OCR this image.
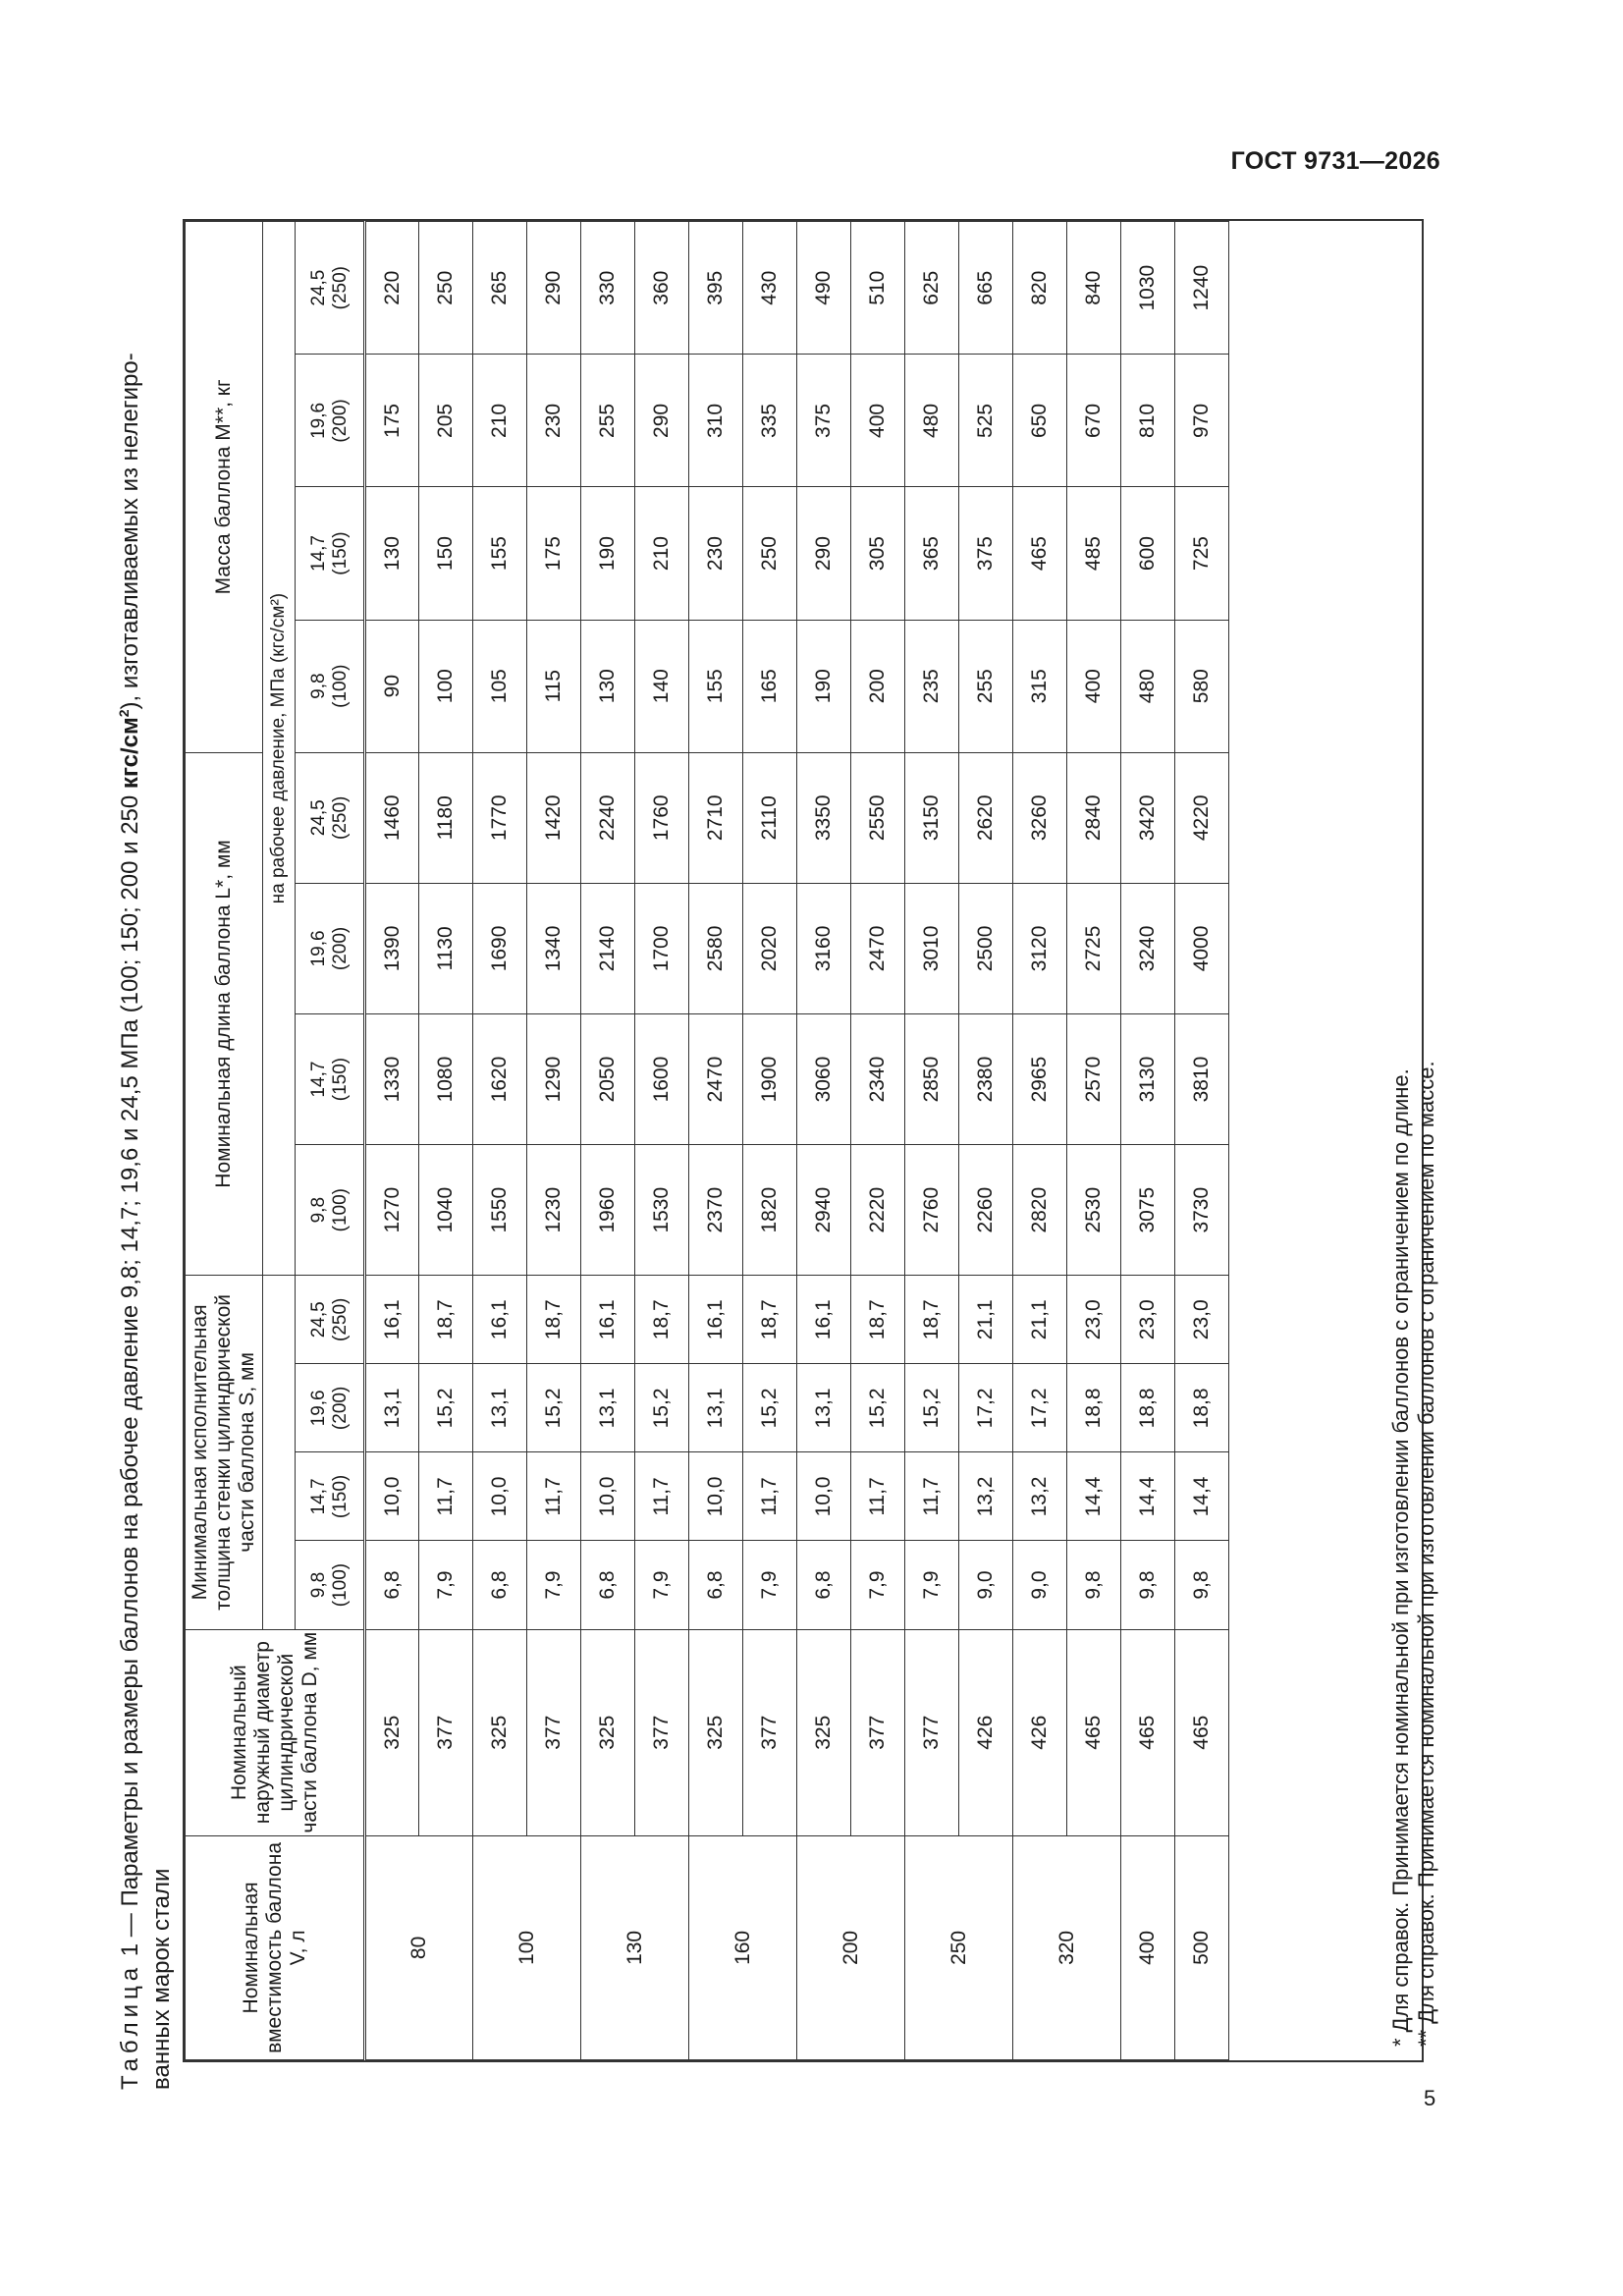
ГОСТ 9731—2026
Таблица 1 — Параметры и размеры баллонов на рабочее давление 9,8; 14,7; 19,6 и 24,5 МПа (100; 150; 200 и 250 кгс/$см^2$), изготавливаемых из нелегиро-
ванных марок стали	Номинальная вместимость баллона V, л	Номинальный наружный диаметр цилиндрической части баллона D, мм	Минимальная исполнительная толщина стенки цилиндрической части баллона S, мм				Номинальная длина баллона L*, мм				Масса баллона M**, кг			
						на рабочее давление, МПа (кгс/см²)							
		9,8
(100)	14,7
(150)	19,6
(200)	24,5
(250)	9,8
(100)	14,7
(150)	19,6
(200)	24,5
(250)	9,8
(100)	14,7
(150)	19,6
(200)	24,5
(250)
80	325	6,8	10,0	13,1	16,1	1270	1330	1390	1460	90	130	175	220
	377	7,9	11,7	15,2	18,7	1040	1080	1130	1180	100	150	205	250
100	325	6,8	10,0	13,1	16,1	1550	1620	1690	1770	105	155	210	265
	377	7,9	11,7	15,2	18,7	1230	1290	1340	1420	115	175	230	290
130	325	6,8	10,0	13,1	16,1	1960	2050	2140	2240	130	190	255	330
	377	7,9	11,7	15,2	18,7	1530	1600	1700	1760	140	210	290	360
160	325	6,8	10,0	13,1	16,1	2370	2470	2580	2710	155	230	310	395
	377	7,9	11,7	15,2	18,7	1820	1900	2020	2110	165	250	335	430
200	325	6,8	10,0	13,1	16,1	2940	3060	3160	3350	190	290	375	490
	377	7,9	11,7	15,2	18,7	2220	2340	2470	2550	200	305	400	510
250	377	7,9	11,7	15,2	18,7	2760	2850	3010	3150	235	365	480	625
	426	9,0	13,2	17,2	21,1	2260	2380	2500	2620	255	375	525	665
320	426	9,0	13,2	17,2	21,1	2820	2965	3120	3260	315	465	650	820
	465	9,8	14,4	18,8	23,0	2530	2570	2725	2840	400	485	670	840
400	465	9,8	14,4	18,8	23,0	3075	3130	3240	3420	480	600	810	1030
500	465	9,8	14,4	18,8	23,0	3730	3810	4000	4220	580	725	970	1240
* Для справок. Принимается номинальной при изготовлении баллонов с ограничением по длине. ** Для справок. Принимается номинальной при изготовлении баллонов с ограничением по массе.
5
